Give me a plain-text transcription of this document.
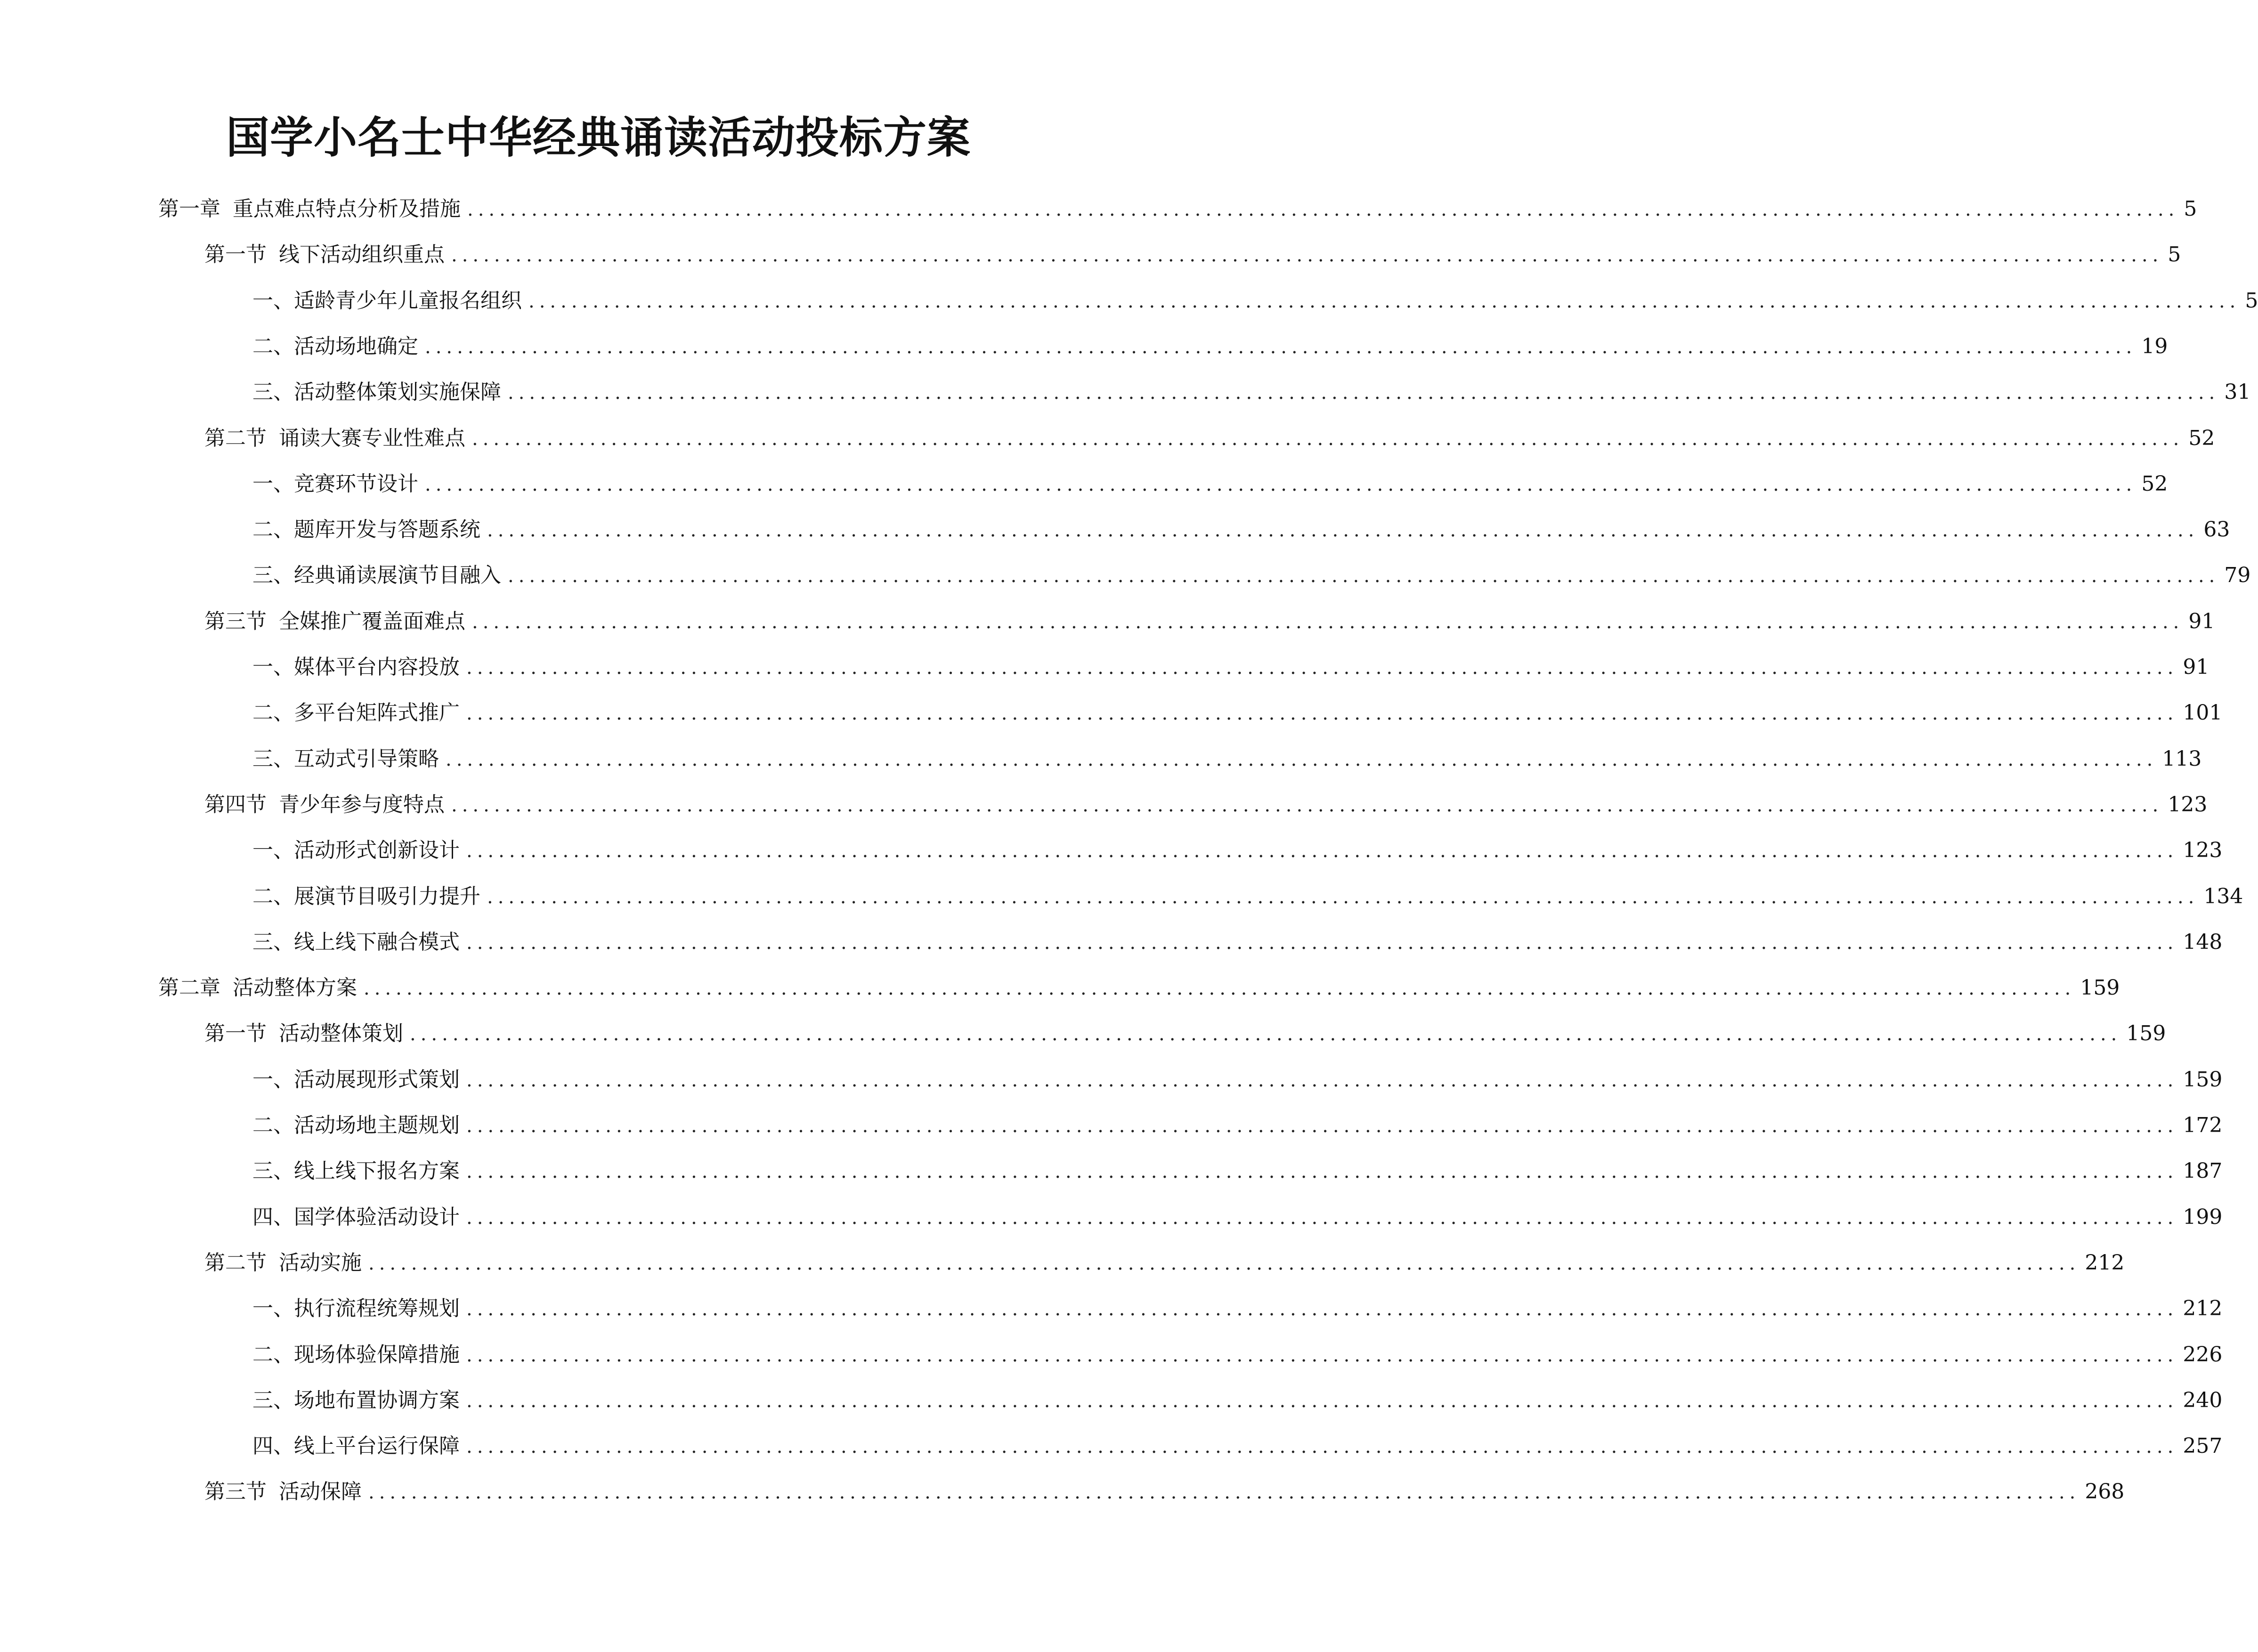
国学小名士中华经典诵读活动投标方案
第一章 重点难点特点分析及措施 ................................................................................................................................................................ 5
第一节 线下活动组织重点 ................................................................................................................................................................ 5
一、 适龄青少年儿童报名组织 ................................................................................................................................................................ 5
二、 活动场地确定 ................................................................................................................................................................ 19
三、 活动整体策划实施保障 ................................................................................................................................................................ 31
第二节 诵读大赛专业性难点 ................................................................................................................................................................ 52
一、 竞赛环节设计 ................................................................................................................................................................ 52
二、 题库开发与答题系统 ................................................................................................................................................................ 63
三、 经典诵读展演节目融入 ................................................................................................................................................................ 79
第三节 全媒推广覆盖面难点 ................................................................................................................................................................ 91
一、 媒体平台内容投放 ................................................................................................................................................................ 91
二、 多平台矩阵式推广 ................................................................................................................................................................ 101
三、 互动式引导策略 ................................................................................................................................................................ 113
第四节 青少年参与度特点 ................................................................................................................................................................ 123
一、 活动形式创新设计 ................................................................................................................................................................ 123
二、 展演节目吸引力提升 ................................................................................................................................................................ 134
三、 线上线下融合模式 ................................................................................................................................................................ 148
第二章 活动整体方案 ................................................................................................................................................................ 159
第一节 活动整体策划 ................................................................................................................................................................ 159
一、 活动展现形式策划 ................................................................................................................................................................ 159
二、 活动场地主题规划 ................................................................................................................................................................ 172
三、 线上线下报名方案 ................................................................................................................................................................ 187
四、 国学体验活动设计 ................................................................................................................................................................ 199
第二节 活动实施 ................................................................................................................................................................ 212
一、 执行流程统筹规划 ................................................................................................................................................................ 212
二、 现场体验保障措施 ................................................................................................................................................................ 226
三、 场地布置协调方案 ................................................................................................................................................................ 240
四、 线上平台运行保障 ................................................................................................................................................................ 257
第三节 活动保障 ................................................................................................................................................................ 268
